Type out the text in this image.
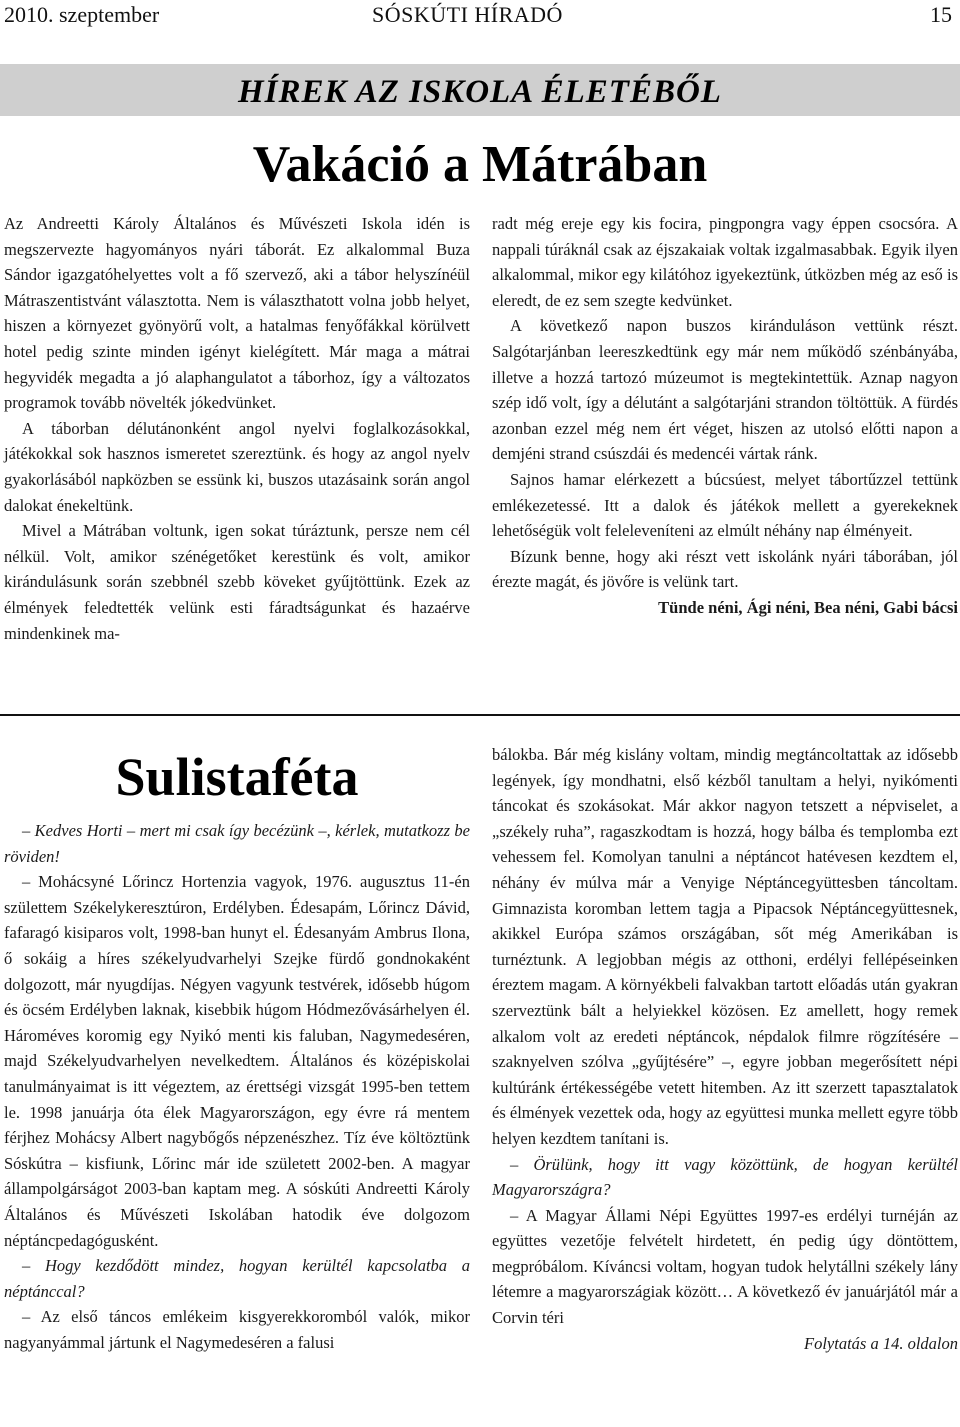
2010. szeptember	SÓSKÚTI HÍRADÓ	15
HÍREK AZ ISKOLA ÉLETÉBŐL
Vakáció a Mátrában

Az Andreetti Károly Általános és Művészeti Iskola idén is megszervezte hagyományos nyári táborát. Ez alkalommal Buza Sándor igazgatóhelyettes volt a fő szervező, aki a tábor helyszínéül Mátraszentistvánt választotta. Nem is választhatott volna jobb helyet, hiszen a környezet gyönyörű volt, a hatalmas fenyőfákkal körülvett hotel pedig szinte minden igényt kielégített. Már maga a mátrai hegyvidék megadta a jó alaphangulatot a táborhoz, így a változatos programok tovább növelték jókedvünket.

A táborban délutánonként angol nyelvi foglalkozásokkal, játékokkal sok hasznos ismeretet szereztünk. és hogy az angol nyelv gyakorlásából napközben se essünk ki, buszos utazásaink során angol dalokat énekeltünk.

Mivel a Mátrában voltunk, igen sokat túráztunk, persze nem cél nélkül. Volt, amikor szénégetőket kerestünk és volt, amikor kirándulásunk során szebbnél szebb köveket gyűjtöttünk. Ezek az élmények feledtették velünk esti fáradtságunkat és hazaérve mindenkinek ma-

radt még ereje egy kis focira, pingpongra vagy éppen csocsóra. A nappali túráknál csak az éjszakaiak voltak izgalmasabbak. Egyik ilyen alkalommal, mikor egy kilátóhoz igyekeztünk, útközben még az eső is eleredt, de ez sem szegte kedvünket.

A következő napon buszos kiránduláson vettünk részt. Salgótarjánban leereszkedtünk egy már nem működő szénbányába, illetve a hozzá tartozó múzeumot is megtekintettük. Aznap nagyon szép idő volt, így a délutánt a salgótarjáni strandon töltöttük. A fürdés azonban ezzel még nem ért véget, hiszen az utolsó előtti napon a demjéni strand csúszdái és medencéi vártak ránk.

Sajnos hamar elérkezett a búcsúest, melyet tábortűzzel tettünk emlékezetessé. Itt a dalok és játékok mellett a gyerekeknek lehetőségük volt feleleveníteni az elmúlt néhány nap élményeit.

Bízunk benne, hogy aki részt vett iskolánk nyári táborában, jól érezte magát, és jövőre is velünk tart.

Tünde néni, Ági néni, Bea néni, Gabi bácsi

Sulistaféta

– Kedves Horti – mert mi csak így becézünk –, kérlek, mutatkozz be röviden!

– Mohácsyné Lőrincz Hortenzia vagyok, 1976. augusztus 11-én születtem Székelykeresztúron, Erdélyben. Édesapám, Lőrincz Dávid, fafaragó kisiparos volt, 1998-ban hunyt el. Édesanyám Ambrus Ilona, ő sokáig a híres székelyudvarhelyi Szejke fürdő gondnokaként dolgozott, már nyugdíjas. Négyen vagyunk testvérek, idősebb húgom és öcsém Erdélyben laknak, kisebbik húgom Hódmezővásárhelyen él. Hároméves koromig egy Nyikó menti kis faluban, Nagymedeséren, majd Székelyudvarhelyen nevelkedtem. Általános és középiskolai tanulmányaimat is itt végeztem, az érettségi vizsgát 1995-ben tettem le. 1998 januárja óta élek Magyarországon, egy évre rá mentem férjhez Mohácsy Albert nagybőgős népzenészhez. Tíz éve költöztünk Sóskútra – kisfiunk, Lőrinc már ide született 2002-ben. A magyar állampolgárságot 2003-ban kaptam meg. A sóskúti Andreetti Károly Általános és Művészeti Iskolában hatodik éve dolgozom néptáncpedagógusként.

– Hogy kezdődött mindez, hogyan kerültél kapcsolatba a néptánccal?

– Az első táncos emlékeim kisgyerekkoromból valók, mikor nagyanyámmal jártunk el Nagymedeséren a falusi

bálokba. Bár még kislány voltam, mindig megtáncoltattak az idősebb legények, így mondhatni, első kézből tanultam a helyi, nyikómenti táncokat és szokásokat. Már akkor nagyon tetszett a népviselet, a „székely ruha”, ragaszkodtam is hozzá, hogy bálba és templomba ezt vehessem fel. Komolyan tanulni a néptáncot hatévesen kezdtem el, néhány év múlva már a Venyige Néptáncegyüttesben táncoltam. Gimnazista koromban lettem tagja a Pipacsok Néptáncegyüttesnek, akikkel Európa számos országában, sőt még Amerikában is turnéztunk. A legjobban mégis az otthoni, erdélyi fellépéseinken éreztem magam. A környékbeli falvakban tartott előadás után gyakran szerveztünk bált a helyiekkel közösen. Ez amellett, hogy remek alkalom volt az eredeti néptáncok, népdalok filmre rögzítésére – szaknyelven szólva „gyűjtésére” –, egyre jobban megerősített népi kultúránk értékességébe vetett hitemben. Az itt szerzett tapasztalatok és élmények vezettek oda, hogy az együttesi munka mellett egyre több helyen kezdtem tanítani is.

– Örülünk, hogy itt vagy közöttünk, de hogyan kerültél Magyarországra?

– A Magyar Állami Népi Együttes 1997-es erdélyi turnéján az együttes vezetője felvételt hirdetett, én pedig úgy döntöttem, megpróbálom. Kíváncsi voltam, hogyan tudok helytállni székely lány létemre a magyarországiak között… A következő év januárjától már a Corvin téri

Folytatás a 14. oldalon
